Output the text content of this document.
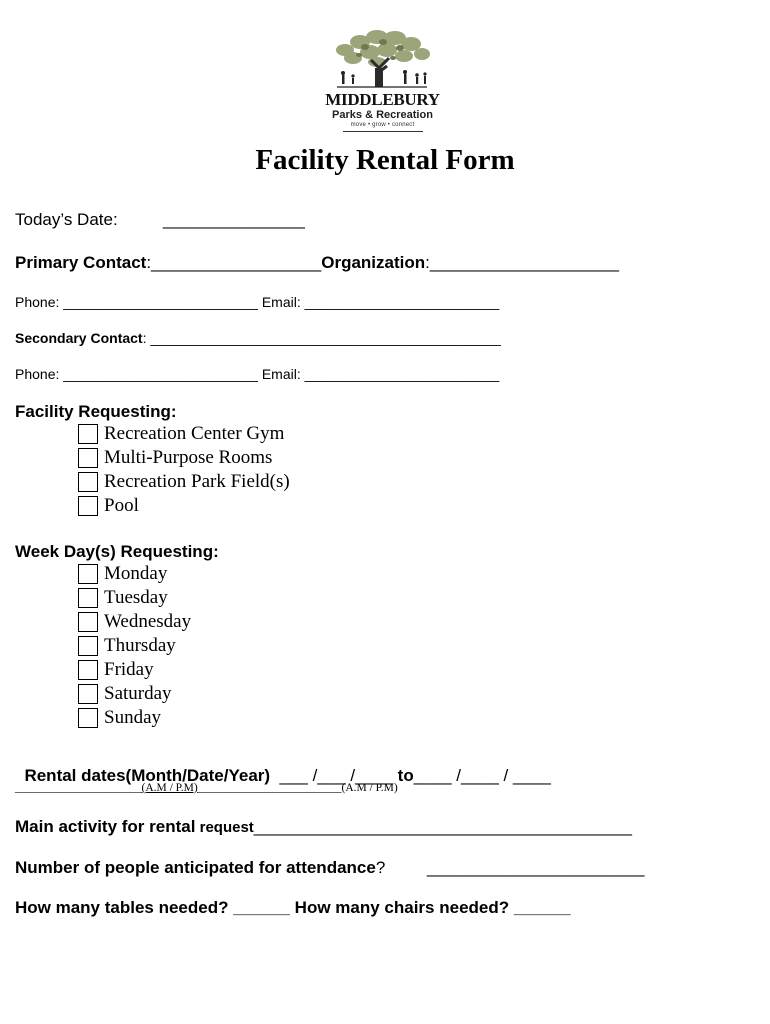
MIDDLEBURY
Parks & Recreation
move • grow • connect
Facility Rental Form
Today’s Date:	_______________
Primary Contact:__________________Organization:____________________
Phone: _________________________ Email: _________________________
Secondary Contact: _____________________________________________
Phone: _________________________ Email: _________________________
Facility Requesting:
Recreation Center Gym
Multi-Purpose Rooms
Recreation Park Field(s)
Pool
Week Day(s) Requesting:
Monday
Tuesday
Wednesday
Thursday
Friday
Saturday
Sunday

Rental dates(Month/Date/Year)  ___ /___ /____ to____ /____ / ____

______________________(A.M / P.M)_________________________(A.M / P.M)
Main activity for rental request________________________________________
Number of people anticipated for attendance? _______________________
How many tables needed? ______ How many chairs needed? ______
